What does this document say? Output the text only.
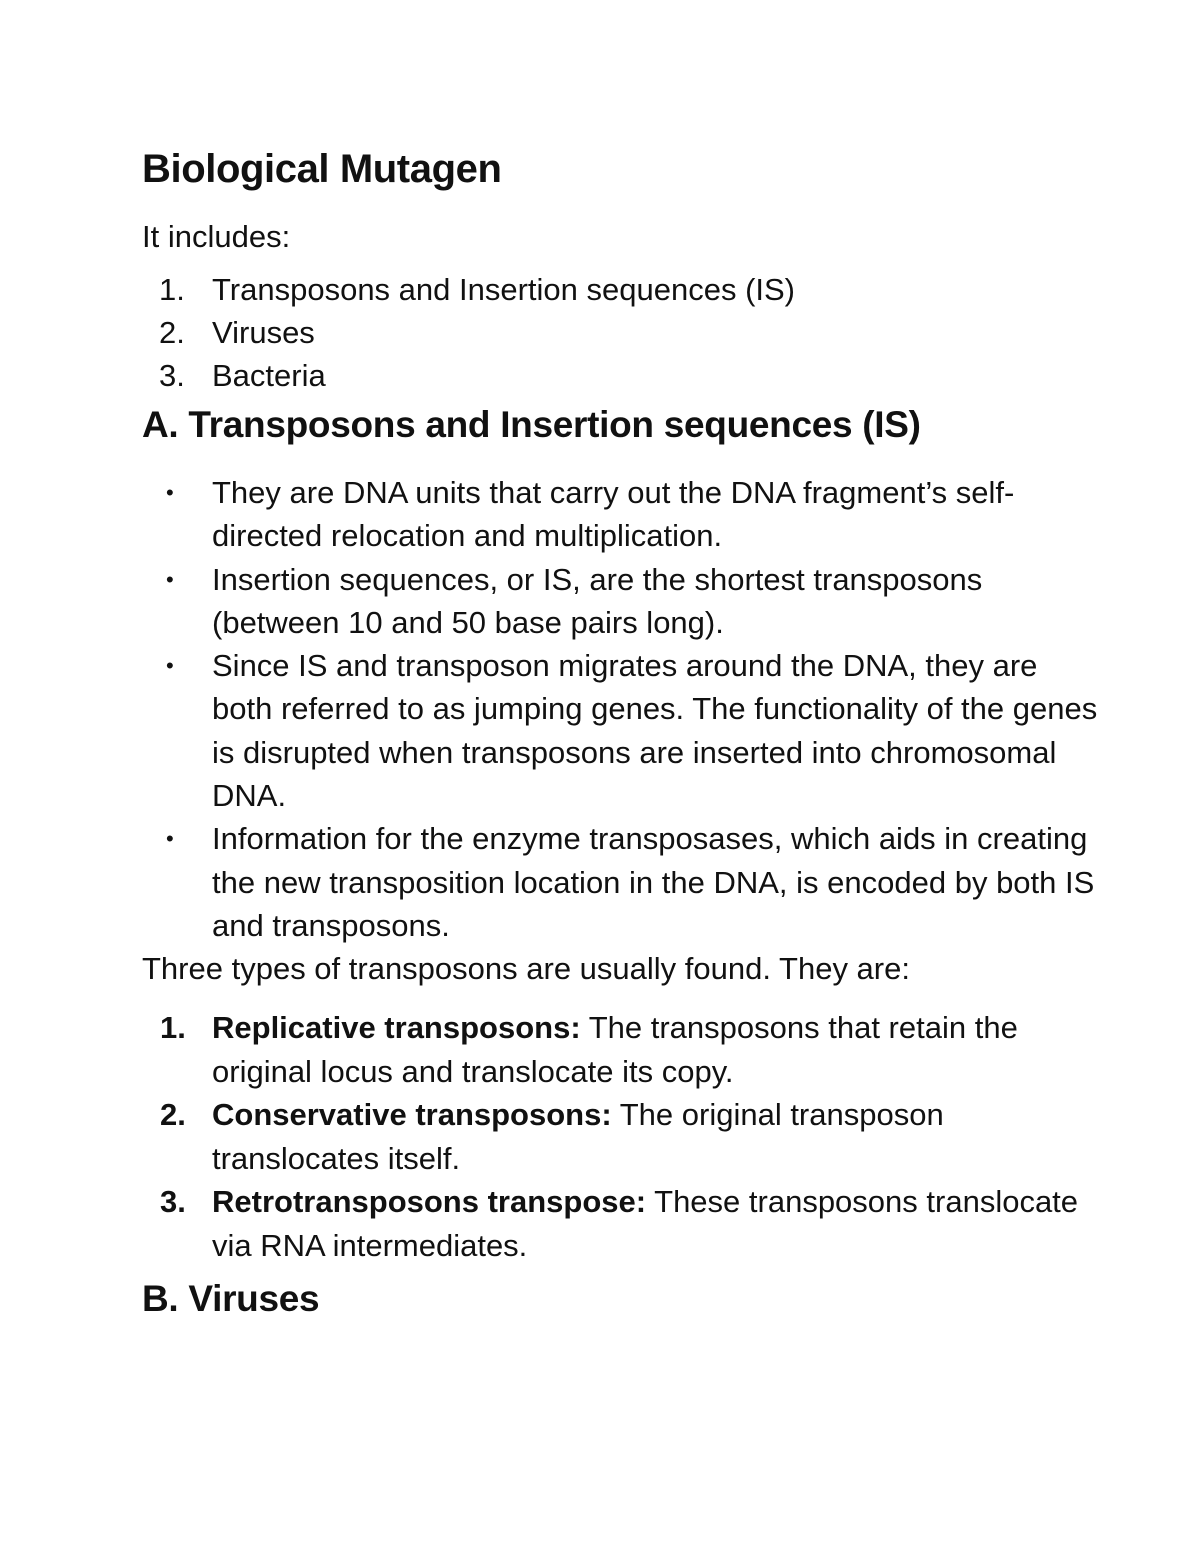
Biological Mutagen

It includes:

1. Transposons and Insertion sequences (IS)
2. Viruses
3. Bacteria
A. Transposons and Insertion sequences (IS)
• They are DNA units that carry out the DNA fragment’s self-directed relocation and multiplication.
• Insertion sequences, or IS, are the shortest transposons (between 10 and 50 base pairs long).
• Since IS and transposon migrates around the DNA, they are both referred to as jumping genes. The functionality of the genes is disrupted when transposons are inserted into chromosomal DNA.
• Information for the enzyme transposases, which aids in creating the new transposition location in the DNA, is encoded by both IS and transposons.

Three types of transposons are usually found. They are:

1. Replicative transposons: The transposons that retain the original locus and translocate its copy.
2. Conservative transposons: The original transposon translocates itself.
3. Retrotransposons transpose: These transposons translocate via RNA intermediates.
B. Viruses
